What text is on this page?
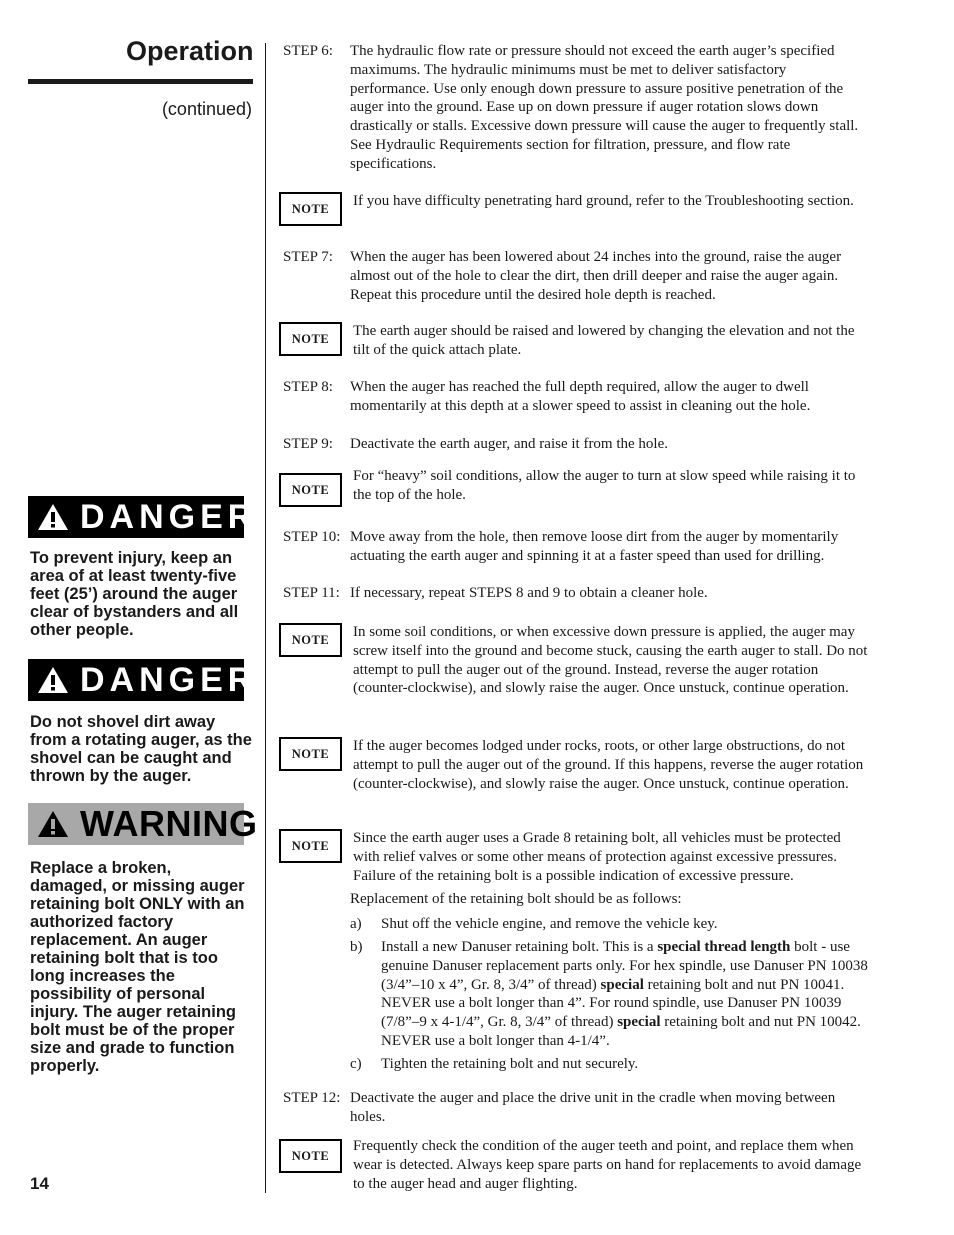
Operation
(continued)
DANGER
To prevent injury, keep an area of at least twenty-five feet (25’) around the auger clear of bystanders and all other people.
DANGER
Do not shovel dirt away from a rotating auger, as the shovel can be caught and thrown by the auger.
WARNING
Replace a broken, damaged, or missing auger retaining bolt ONLY with an authorized factory replacement. An auger retaining bolt that is too long increases the possibility of personal injury. The auger retaining bolt must be of the proper size and grade to function properly.
14
STEP 6: The hydraulic flow rate or pressure should not exceed the earth auger’s specified maximums. The hydraulic minimums must be met to deliver satisfactory performance. Use only enough down pressure to assure positive penetration of the auger into the ground. Ease up on down pressure if auger rotation slows down drastically or stalls. Excessive down pressure will cause the auger to frequently stall. See Hydraulic Requirements section for filtration, pressure, and flow rate specifications.
NOTE	If you have difficulty penetrating hard ground, refer to the Troubleshooting section.
STEP 7: When the auger has been lowered about 24 inches into the ground, raise the auger almost out of the hole to clear the dirt, then drill deeper and raise the auger again. Repeat this procedure until the desired hole depth is reached.
NOTE	The earth auger should be raised and lowered by changing the elevation and not the tilt of the quick attach plate.
STEP 8: When the auger has reached the full depth required, allow the auger to dwell momentarily at this depth at a slower speed to assist in cleaning out the hole.
STEP 9: Deactivate the earth auger, and raise it from the hole.
NOTE
For “heavy” soil conditions, allow the auger to turn at slow speed while raising it to the top of the hole.
STEP 10: Move away from the hole, then remove loose dirt from the auger by momentarily actuating the earth auger and spinning it at a faster speed than used for drilling.
STEP 11: If necessary, repeat STEPS 8 and 9 to obtain a cleaner hole.
NOTE	In some soil conditions, or when excessive down pressure is applied, the auger may screw itself into the ground and become stuck, causing the earth auger to stall. Do not attempt to pull the auger out of the ground. Instead, reverse the auger rotation (counter-clockwise), and slowly raise the auger. Once unstuck, continue operation.
NOTE	If the auger becomes lodged under rocks, roots, or other large obstructions, do not attempt to pull the auger out of the ground. If this happens, reverse the auger rotation (counter-clockwise), and slowly raise the auger. Once unstuck, continue operation.
NOTE	Since the earth auger uses a Grade 8 retaining bolt, all vehicles must be protected with relief valves or some other means of protection against excessive pressures. Failure of the retaining bolt is a possible indication of excessive pressure.
Replacement of the retaining bolt should be as follows:
a) Shut off the vehicle engine, and remove the vehicle key.
b) Install a new Danuser retaining bolt. This is a special thread length bolt - use genuine Danuser replacement parts only. For hex spindle, use Danuser PN 10038 (3/4”–10 x 4”, Gr. 8, 3/4” of thread) special retaining bolt and nut PN 10041. NEVER use a bolt longer than 4”. For round spindle, use Danuser PN 10039 (7/8”–9 x 4-1/4”, Gr. 8, 3/4” of thread) special retaining bolt and nut PN 10042. NEVER use a bolt longer than 4-1/4”.
c) Tighten the retaining bolt and nut securely.
STEP 12: Deactivate the auger and place the drive unit in the cradle when moving between holes.
NOTE
Frequently check the condition of the auger teeth and point, and replace them when wear is detected. Always keep spare parts on hand for replacements to avoid damage to the auger head and auger flighting.
